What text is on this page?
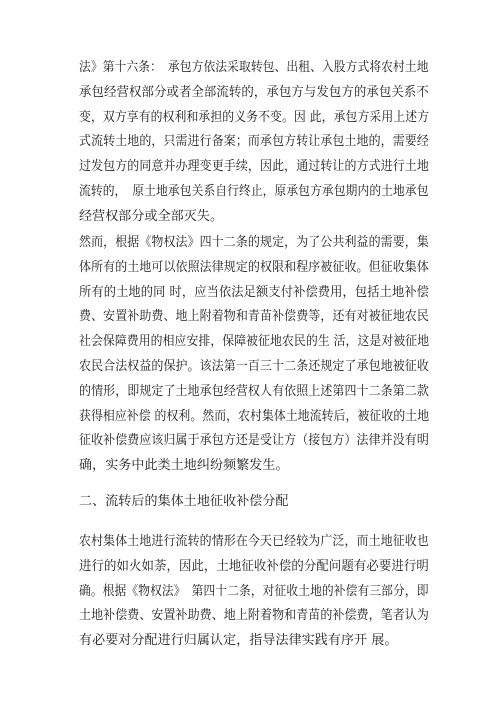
法》第十六条：　承包方依法采取转包、出租、入股方式将农村土地
承包经营权部分或者全部流转的，承包方与发包方的承包关系不
变，双方享有的权利和承担的义务不变。因 此，承包方采用上述方
式流转土地的，只需进行备案；而承包方转让承包土地的，需要经
过发包方的同意并办理变更手续，因此，通过转让的方式进行土地
流转的，　原土地承包关系自行终止，原承包方承包期内的土地承包
经营权部分或全部灭失。
然而，根据《物权法》四十二条的规定，为了公共利益的需要，集
体所有的土地可以依照法律规定的权限和程序被征收。但征收集体
所有的土地的同 时，应当依法足额支付补偿费用，包括土地补偿
费、安置补助费、地上附着物和青苗补偿费等，还有对被征地农民
社会保障费用的相应安排，保障被征地农民的生 活，这是对被征地
农民合法权益的保护。该法第一百三十二条还规定了承包地被征收
的情形，即规定了土地承包经营权人有依照上述第四十二条第二款
获得相应补偿 的权利。然而，农村集体土地流转后，被征收的土地
征收补偿费应该归属于承包方还是受让方（接包方）法律并没有明
确，实务中此类土地纠纷频繁发生。
二、流转后的集体土地征收补偿分配
农村集体土地进行流转的情形在今天已经较为广泛，而土地征收也
进行的如火如荼，因此，土地征收补偿的分配问题有必要进行明
确。根据《物权法》　第四十二条，对征收土地的补偿有三部分，即
土地补偿费、安置补助费、地上附着物和青苗的补偿费，笔者认为
有必要对分配进行归属认定，指导法律实践有序开 展。
